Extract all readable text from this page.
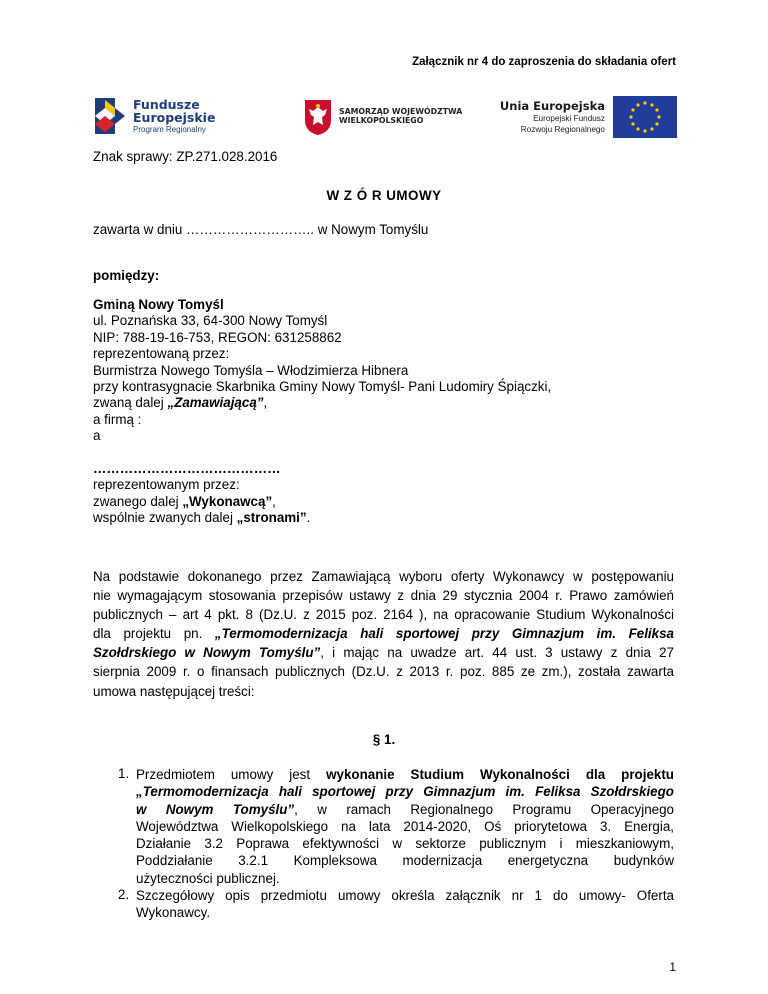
Załącznik nr 4 do zaproszenia do składania ofert
Fundusze
Europejskie
Program Regionalny
SAMORZĄD WOJEWÓDZTWA
WIELKOPOLSKIEGO
Unia Europejska
Europejski Fundusz
Rozwoju Regionalnego
Znak sprawy: ZP.271.028.2016
W Z Ó R UMOWY
zawarta w dniu ……………………….. w Nowym Tomyślu
pomiędzy:
Gminą Nowy Tomyśl
ul. Poznańska 33, 64-300 Nowy Tomyśl
NIP: 788-19-16-753, REGON: 631258862
reprezentowaną przez:
Burmistrza Nowego Tomyśla – Włodzimierza Hibnera
przy kontrasygnacie Skarbnika Gminy Nowy Tomyśl- Pani Ludomiry Śpiączki,
zwaną dalej „Zamawiającą”,
a firmą :
a
……………………………………
reprezentowanym przez:
zwanego dalej „Wykonawcą”,
wspólnie zwanych dalej „stronami”.
Na podstawie dokonanego przez Zamawiającą wyboru oferty Wykonawcy w postępowaniu
nie wymagającym stosowania przepisów ustawy z dnia 29 stycznia 2004 r. Prawo zamówień
publicznych – art 4 pkt. 8 (Dz.U. z 2015 poz. 2164 ), na opracowanie Studium Wykonalności
dla projektu pn. „Termomodernizacja hali sportowej przy Gimnazjum im. Feliksa
Szołdrskiego w Nowym Tomyślu”, i mając na uwadze art. 44 ust. 3 ustawy z dnia 27
sierpnia 2009 r. o finansach publicznych (Dz.U. z 2013 r. poz. 885 ze zm.), została zawarta
umowa następującej treści:
§ 1.
1. Przedmiotem umowy jest wykonanie Studium Wykonalności dla projektu
„Termomodernizacja hali sportowej przy Gimnazjum im. Feliksa Szołdrskiego
w Nowym Tomyślu”, w ramach Regionalnego Programu Operacyjnego
Województwa Wielkopolskiego na lata 2014-2020, Oś priorytetowa 3. Energia,
Działanie 3.2 Poprawa efektywności w sektorze publicznym i mieszkaniowym,
Poddziałanie 3.2.1 Kompleksowa modernizacja energetyczna budynków
użyteczności publicznej.
2. Szczegółowy opis przedmiotu umowy określa załącznik nr 1 do umowy- Oferta
Wykonawcy.
1
